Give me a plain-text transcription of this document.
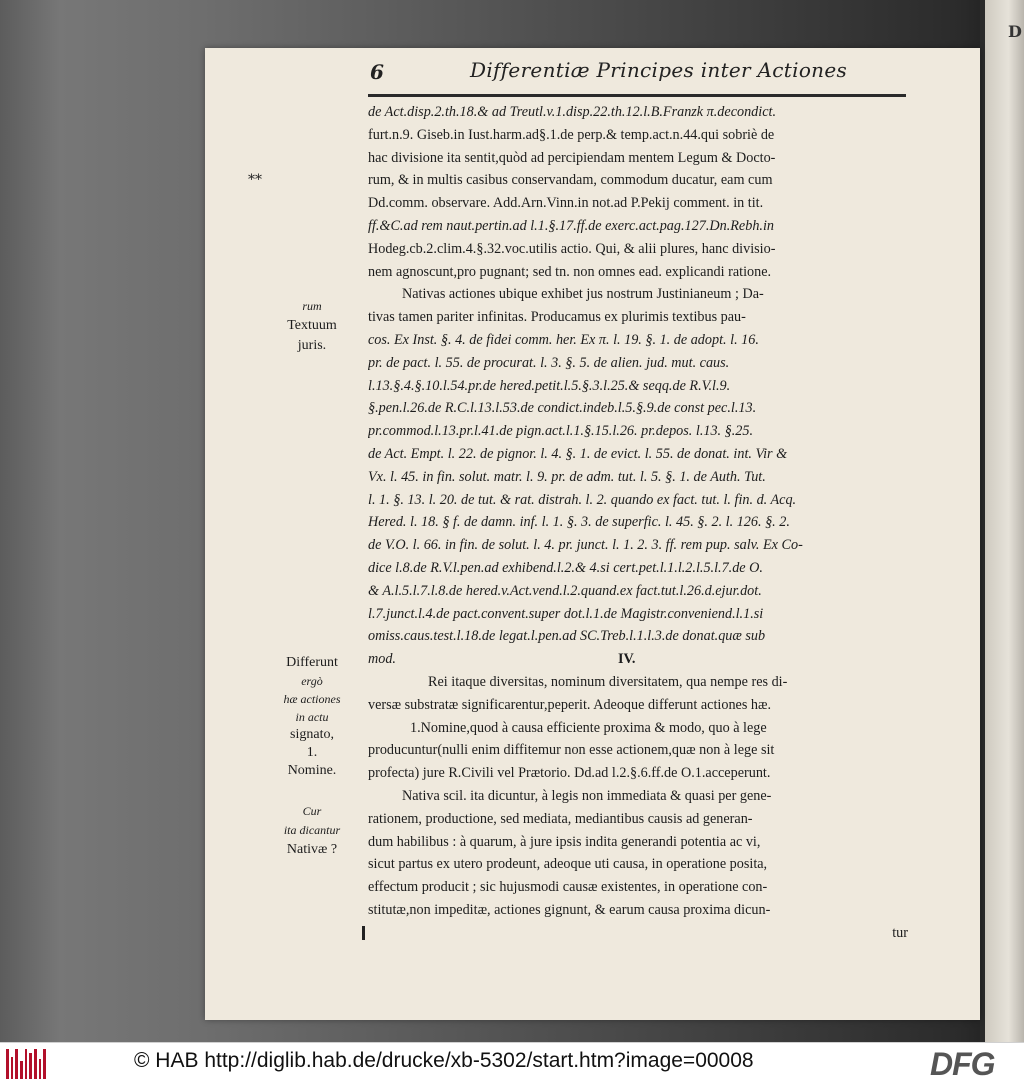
D
6	Differentiæ Principes inter Actiones
**
rum
Textuum
juris.
Differunt
ergò
hæ actiones
in actu
signato,
1.
Nomine.
Cur
ita dicantur
Nativæ ?
de Act.disp.2.th.18.& ad Treutl.v.1.disp.22.th.12.l.B.Franzk π.decondict.
furt.n.9. Giseb.in Iust.harm.ad§.1.de perp.& temp.act.n.44.qui sobriè de
hac divisione ita sentit,quòd ad percipiendam mentem Legum & Docto-
rum, & in multis casibus conservandam, commodum ducatur, eam cum
Dd.comm. observare. Add.Arn.Vinn.in not.ad P.Pekij comment. in tit.
ff.&C.ad rem naut.pertin.ad l.1.§.17.ff.de exerc.act.pag.127.Dn.Rebh.in
Hodeg.cb.2.clim.4.§.32.voc.utilis actio. Qui, & alii plures, hanc divisio-
nem agnoscunt,pro pugnant; sed tn. non omnes ead. explicandi ratione.
Nativas actiones ubique exhibet jus nostrum Justinianeum ; Da-
tivas tamen pariter infinitas. Producamus ex plurimis textibus pau-
cos. Ex Inst. §. 4. de fidei comm. her. Ex π. l. 19. §. 1. de adopt. l. 16.
pr. de pact. l. 55. de procurat. l. 3. §. 5. de alien. jud. mut. caus.
l.13.§.4.§.10.l.54.pr.de hered.petit.l.5.§.3.l.25.& seqq.de R.V.l.9.
§.pen.l.26.de R.C.l.13.l.53.de condict.indeb.l.5.§.9.de const pec.l.13.
pr.commod.l.13.pr.l.41.de pign.act.l.1.§.15.l.26. pr.depos. l.13. §.25.
de Act. Empt. l. 22. de pignor. l. 4. §. 1. de evict. l. 55. de donat. int. Vir &
Vx. l. 45. in fin. solut. matr. l. 9. pr. de adm. tut. l. 5. §. 1. de Auth. Tut.
l. 1. §. 13. l. 20. de tut. & rat. distrah. l. 2. quando ex fact. tut. l. fin. d. Acq.
Hered. l. 18. § f. de damn. inf. l. 1. §. 3. de superfic. l. 45. §. 2. l. 126. §. 2.
de V.O. l. 66. in fin. de solut. l. 4. pr. junct. l. 1. 2. 3. ff. rem pup. salv. Ex Co-
dice l.8.de R.V.l.pen.ad exhibend.l.2.& 4.si cert.pet.l.1.l.2.l.5.l.7.de O.
& A.l.5.l.7.l.8.de hered.v.Act.vend.l.2.quand.ex fact.tut.l.26.d.ejur.dot.
l.7.junct.l.4.de pact.convent.super dot.l.1.de Magistr.conveniend.l.1.si
omiss.caus.test.l.18.de legat.l.pen.ad SC.Treb.l.1.l.3.de donat.quæ sub
mod.	IV.
Rei itaque diversitas, nominum diversitatem, qua nempe res di-
versæ substratæ significarentur,peperit. Adeoque differunt actiones hæ.
1.Nomine,quod à causa efficiente proxima & modo, quo à lege
producuntur(nulli enim diffitemur non esse actionem,quæ non à lege sit
profecta) jure R.Civili vel Prætorio. Dd.ad l.2.§.6.ff.de O.1.acceperunt.
Nativa scil. ita dicuntur, à legis non immediata & quasi per gene-
rationem, productione, sed mediata, mediantibus causis ad generan-
dum habilibus : à quarum, à jure ipsis indita generandi potentia ac vi,
sicut partus ex utero prodeunt, adeoque uti causa, in operatione posita,
effectum producit ; sic hujusmodi causæ existentes, in operatione con-
stitutæ,non impeditæ, actiones gignunt, & earum causa proxima dicun-
tur
© HAB http://diglib.hab.de/drucke/xb-5302/start.htm?image=00008	DFG
